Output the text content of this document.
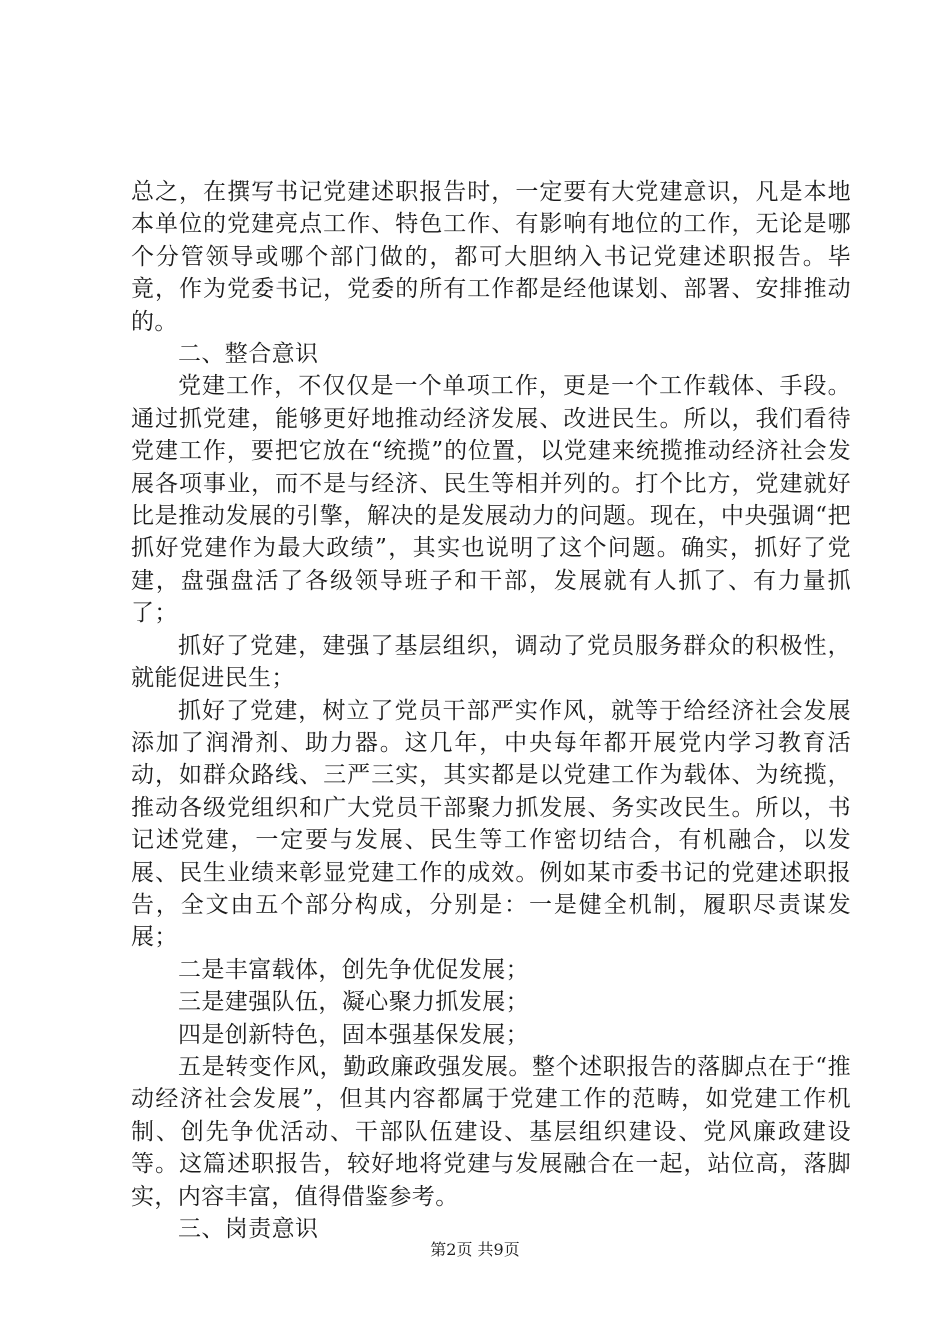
总之，在撰写书记党建述职报告时，一定要有大党建意识，凡是本地本单位的党建亮点工作、特色工作、有影响有地位的工作，无论是哪个分管领导或哪个部门做的，都可大胆纳入书记党建述职报告。毕竟，作为党委书记，党委的所有工作都是经他谋划、部署、安排推动的。

二、整合意识

党建工作，不仅仅是一个单项工作，更是一个工作载体、手段。通过抓党建，能够更好地推动经济发展、改进民生。所以，我们看待党建工作，要把它放在“统揽”的位置，以党建来统揽推动经济社会发展各项事业，而不是与经济、民生等相并列的。打个比方，党建就好比是推动发展的引擎，解决的是发展动力的问题。现在，中央强调“把抓好党建作为最大政绩”，其实也说明了这个问题。确实，抓好了党建，盘强盘活了各级领导班子和干部，发展就有人抓了、有力量抓了；

抓好了党建，建强了基层组织，调动了党员服务群众的积极性，就能促进民生；

抓好了党建，树立了党员干部严实作风，就等于给经济社会发展添加了润滑剂、助力器。这几年，中央每年都开展党内学习教育活动，如群众路线、三严三实，其实都是以党建工作为载体、为统揽，推动各级党组织和广大党员干部聚力抓发展、务实改民生。所以，书记述党建，一定要与发展、民生等工作密切结合，有机融合，以发展、民生业绩来彰显党建工作的成效。例如某市委书记的党建述职报告，全文由五个部分构成，分别是：一是健全机制，履职尽责谋发展；

二是丰富载体，创先争优促发展；

三是建强队伍，凝心聚力抓发展；

四是创新特色，固本强基保发展；

五是转变作风，勤政廉政强发展。整个述职报告的落脚点在于“推动经济社会发展”，但其内容都属于党建工作的范畴，如党建工作机制、创先争优活动、干部队伍建设、基层组织建设、党风廉政建设等。这篇述职报告，较好地将党建与发展融合在一起，站位高，落脚实，内容丰富，值得借鉴参考。

三、岗责意识

第2页 共9页
